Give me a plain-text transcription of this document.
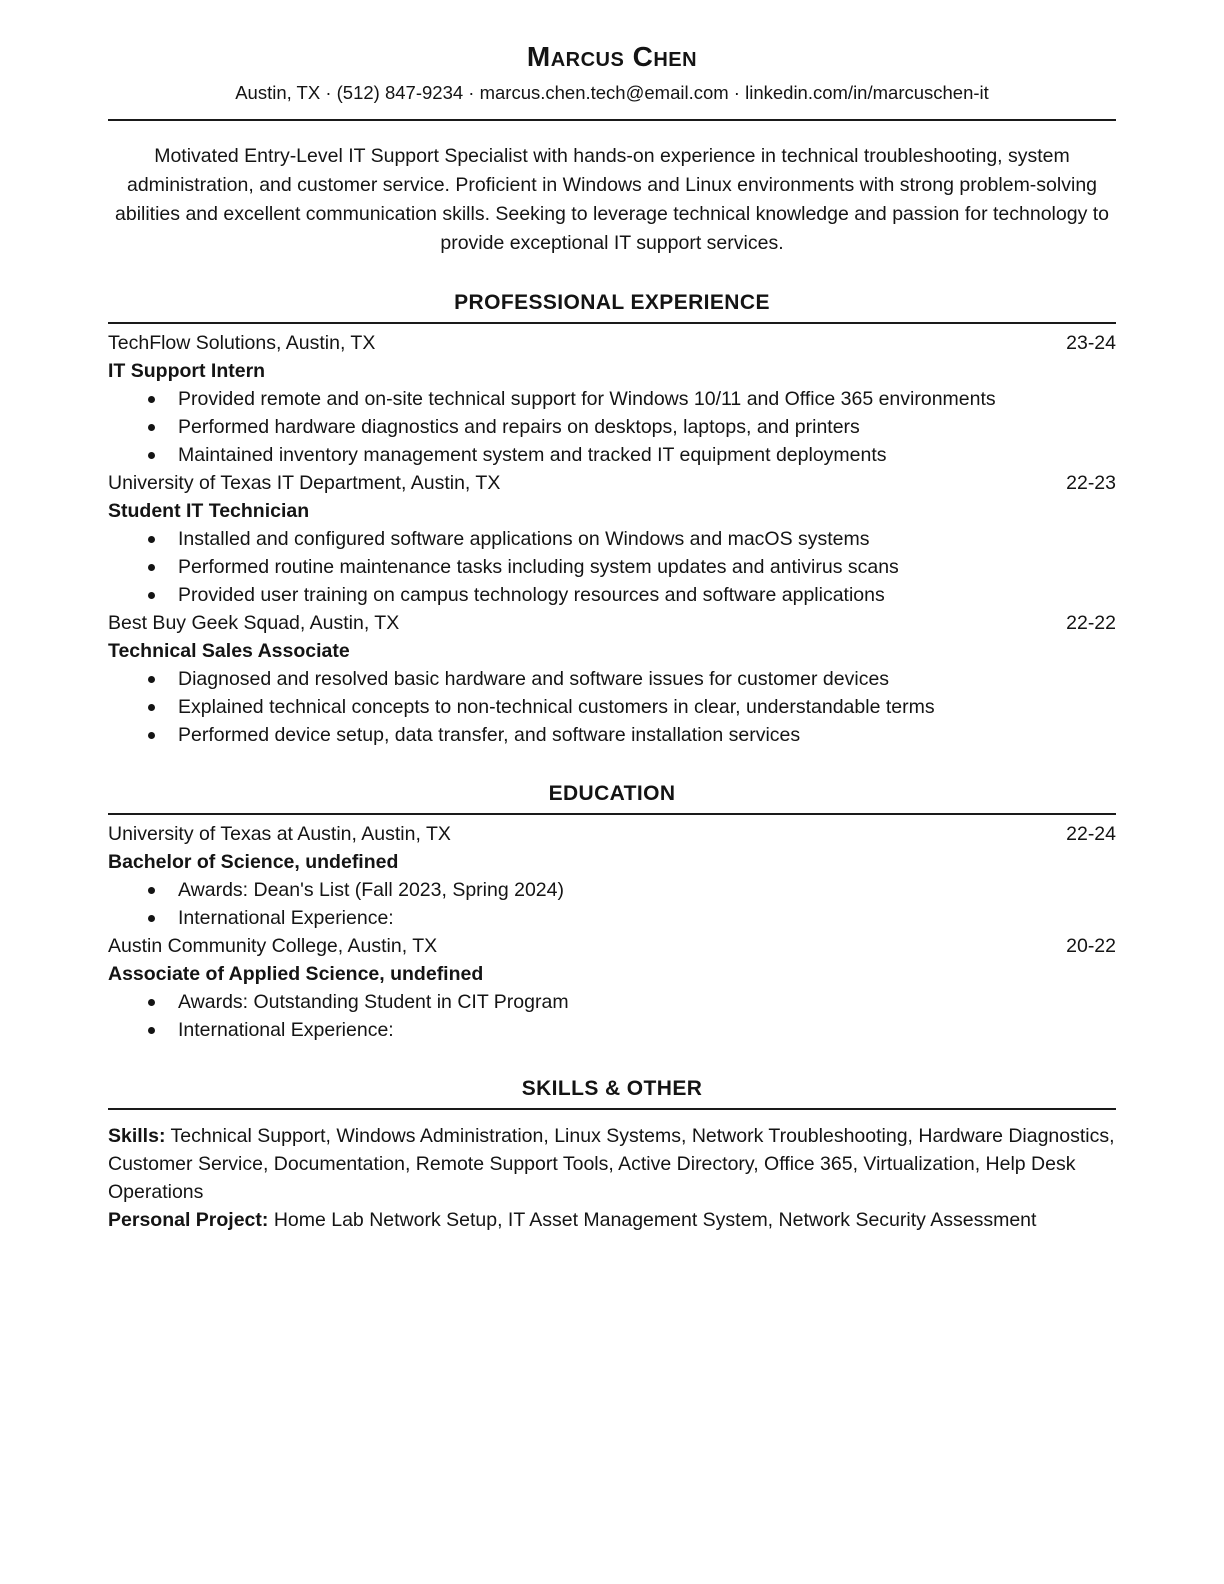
Marcus Chen
Austin, TX · (512) 847-9234 · marcus.chen.tech@email.com · linkedin.com/in/marcuschen-it

Motivated Entry-Level IT Support Specialist with hands-on experience in technical troubleshooting, system administration, and customer service. Proficient in Windows and Linux environments with strong problem-solving abilities and excellent communication skills. Seeking to leverage technical knowledge and passion for technology to provide exceptional IT support services.

PROFESSIONAL EXPERIENCE
TechFlow Solutions, Austin, TX	23-24
IT Support Intern
Provided remote and on-site technical support for Windows 10/11 and Office 365 environments
Performed hardware diagnostics and repairs on desktops, laptops, and printers
Maintained inventory management system and tracked IT equipment deployments
University of Texas IT Department, Austin, TX	22-23
Student IT Technician
Installed and configured software applications on Windows and macOS systems
Performed routine maintenance tasks including system updates and antivirus scans
Provided user training on campus technology resources and software applications
Best Buy Geek Squad, Austin, TX	22-22
Technical Sales Associate
Diagnosed and resolved basic hardware and software issues for customer devices
Explained technical concepts to non-technical customers in clear, understandable terms
Performed device setup, data transfer, and software installation services
EDUCATION
University of Texas at Austin, Austin, TX	22-24
Bachelor of Science, undefined
Awards: Dean's List (Fall 2023, Spring 2024)
International Experience:
Austin Community College, Austin, TX	20-22
Associate of Applied Science, undefined
Awards: Outstanding Student in CIT Program
International Experience:
SKILLS & OTHER

Skills: Technical Support, Windows Administration, Linux Systems, Network Troubleshooting, Hardware Diagnostics, Customer Service, Documentation, Remote Support Tools, Active Directory, Office 365, Virtualization, Help Desk Operations

Personal Project: Home Lab Network Setup, IT Asset Management System, Network Security Assessment
